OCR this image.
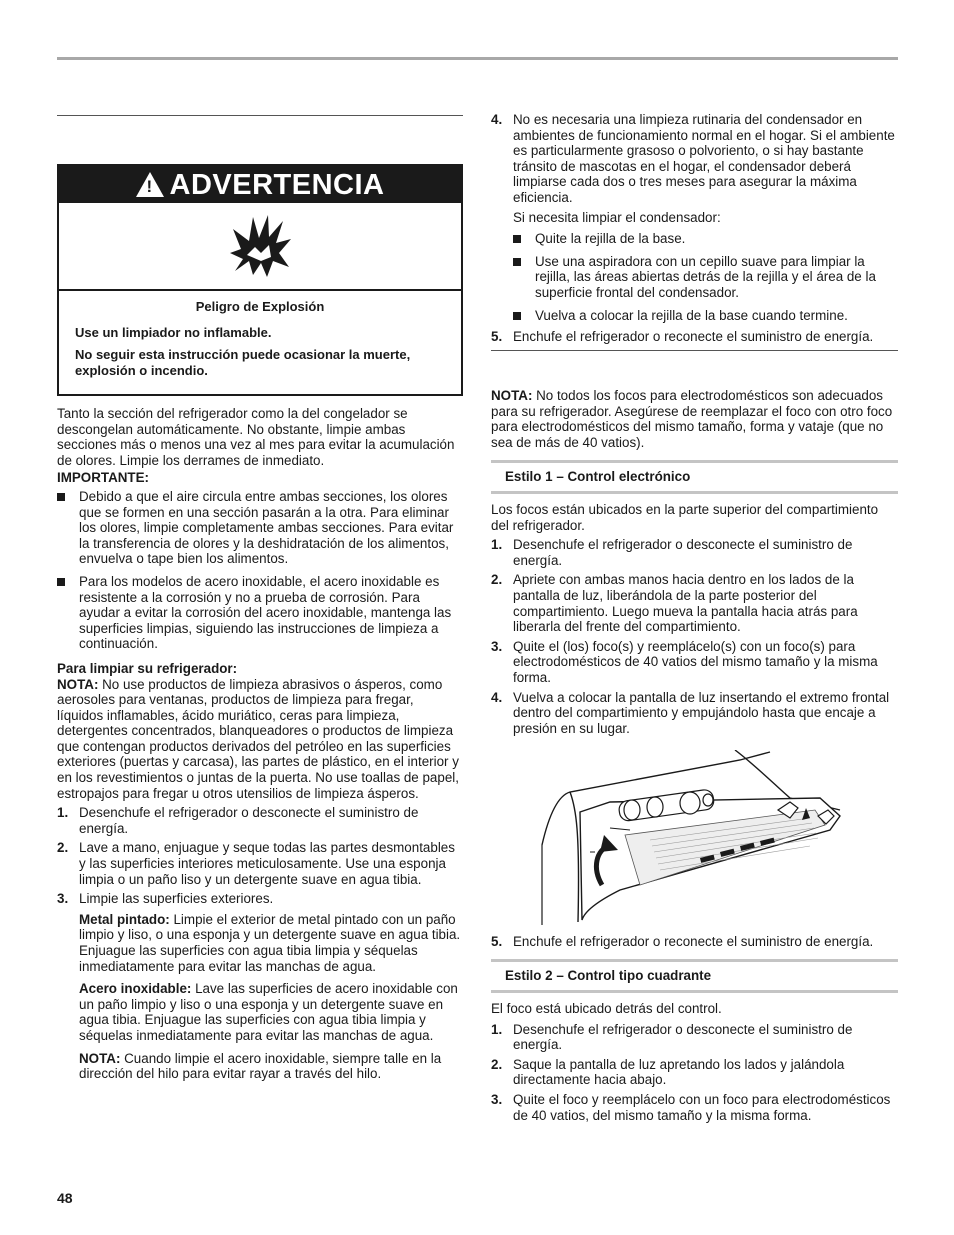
! ADVERTENCIA

Peligro de Explosión

Use un limpiador no inflamable.

No seguir esta instrucción puede ocasionar la muerte, explosión o incendio.

Tanto la sección del refrigerador como la del congelador se descongelan automáticamente. No obstante, limpie ambas secciones más o menos una vez al mes para evitar la acumulación de olores. Limpie los derrames de inmediato.

IMPORTANTE:

Debido a que el aire circula entre ambas secciones, los olores que se formen en una sección pasarán a la otra. Para eliminar los olores, limpie completamente ambas secciones. Para evitar la transferencia de olores y la deshidratación de los alimentos, envuelva o tape bien los alimentos.
Para los modelos de acero inoxidable, el acero inoxidable es resistente a la corrosión y no a prueba de corrosión. Para ayudar a evitar la corrosión del acero inoxidable, mantenga las superficies limpias, siguiendo las instrucciones de limpieza a continuación.

Para limpiar su refrigerador:

NOTA: No use productos de limpieza abrasivos o ásperos, como aerosoles para ventanas, productos de limpieza para fregar, líquidos inflamables, ácido muriático, ceras para limpieza, detergentes concentrados, blanqueadores o productos de limpieza que contengan productos derivados del petróleo en las superficies exteriores (puertas y carcasa), las partes de plástico, en el interior y en los revestimientos o juntas de la puerta. No use toallas de papel, estropajos para fregar u otros utensilios de limpieza ásperos.

1. Desenchufe el refrigerador o desconecte el suministro de energía.
2. Lave a mano, enjuague y seque todas las partes desmontables y las superficies interiores meticulosamente. Use una esponja limpia o un paño liso y un detergente suave en agua tibia.
3. Limpie las superficies exteriores.

Metal pintado: Limpie el exterior de metal pintado con un paño limpio y liso, o una esponja y un detergente suave en agua tibia. Enjuague las superficies con agua tibia limpia y séquelas inmediatamente para evitar las manchas de agua.

Acero inoxidable: Lave las superficies de acero inoxidable con un paño limpio y liso o una esponja y un detergente suave en agua tibia. Enjuague las superficies con agua tibia limpia y séquelas inmediatamente para evitar las manchas de agua.

NOTA: Cuando limpie el acero inoxidable, siempre talle en la dirección del hilo para evitar rayar a través del hilo.

4. No es necesaria una limpieza rutinaria del condensador en ambientes de funcionamiento normal en el hogar. Si el ambiente es particularmente grasoso o polvoriento, o si hay bastante tránsito de mascotas en el hogar, el condensador deberá limpiarse cada dos o tres meses para asegurar la máxima eficiencia.

Si necesita limpiar el condensador:

Quite la rejilla de la base.
Use una aspiradora con un cepillo suave para limpiar la rejilla, las áreas abiertas detrás de la rejilla y el área de la superficie frontal del condensador.
Vuelva a colocar la rejilla de la base cuando termine.
5. Enchufe el refrigerador o reconecte el suministro de energía.

NOTA: No todos los focos para electrodomésticos son adecuados para su refrigerador. Asegúrese de reemplazar el foco con otro foco para electrodomésticos del mismo tamaño, forma y vataje (que no sea de más de 40 vatios).

Estilo 1 – Control electrónico

Los focos están ubicados en la parte superior del compartimiento del refrigerador.

1. Desenchufe el refrigerador o desconecte el suministro de energía.
2. Apriete con ambas manos hacia dentro en los lados de la pantalla de luz, liberándola de la parte posterior del compartimiento. Luego mueva la pantalla hacia atrás para liberarla del frente del compartimiento.
3. Quite el (los) foco(s) y reemplácelo(s) con un foco(s) para electrodomésticos de 40 vatios del mismo tamaño y la misma forma.
4. Vuelva a colocar la pantalla de luz insertando el extremo frontal dentro del compartimiento y empujándolo hasta que encaje a presión en su lugar.
5. Enchufe el refrigerador o reconecte el suministro de energía.
Estilo 2 – Control tipo cuadrante

El foco está ubicado detrás del control.

1. Desenchufe el refrigerador o desconecte el suministro de energía.
2. Saque la pantalla de luz apretando los lados y jalándola directamente hacia abajo.
3. Quite el foco y reemplácelo con un foco para electrodomésticos de 40 vatios, del mismo tamaño y la misma forma.
48
